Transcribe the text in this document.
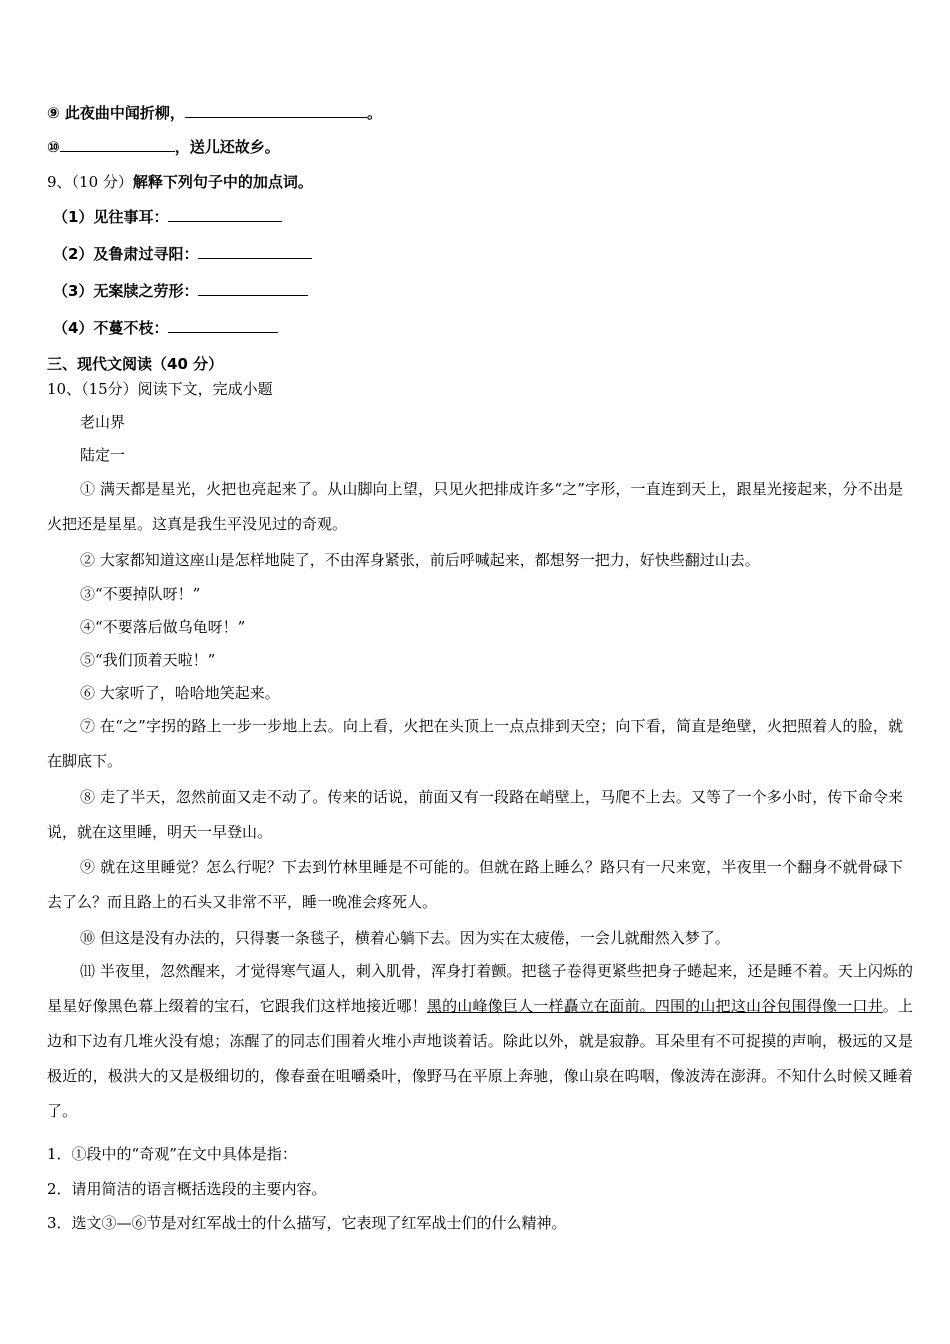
⑨ 此夜曲中闻折柳，	。
⑩	，送儿还故乡。
9、（10 分）解释下列句子中的加点词。
（1）见往事耳：
（2）及鲁肃过寻阳：
（3）无案牍之劳形：
（4）不蔓不枝：
三、现代文阅读（40 分）
10、（15分）阅读下文，完成小题
老山界
陆定一
① 满天都是星光，火把也亮起来了。从山脚向上望，只见火把排成许多“之”字形，一直连到天上，跟星光接起来，分不出是火把还是星星。这真是我生平没见过的奇观。
② 大家都知道这座山是怎样地陡了，不由浑身紧张，前后呼喊起来，都想努一把力，好快些翻过山去。
③“不要掉队呀！”
④“不要落后做乌龟呀！”
⑤“我们顶着天啦！”
⑥ 大家听了，哈哈地笑起来。
⑦ 在“之”字拐的路上一步一步地上去。向上看，火把在头顶上一点点排到天空；向下看，简直是绝壁，火把照着人的脸，就在脚底下。
⑧ 走了半天，忽然前面又走不动了。传来的话说，前面又有一段路在峭壁上，马爬不上去。又等了一个多小时，传下命令来说，就在这里睡，明天一早登山。
⑨ 就在这里睡觉？怎么行呢？下去到竹林里睡是不可能的。但就在路上睡么？路只有一尺来宽，半夜里一个翻身不就骨碌下去了么？而且路上的石头又非常不平，睡一晚准会疼死人。
⑩ 但这是没有办法的，只得裹一条毯子，横着心躺下去。因为实在太疲倦，一会儿就酣然入梦了。
⑾ 半夜里，忽然醒来，才觉得寒气逼人，刺入肌骨，浑身打着颤。把毯子卷得更紧些把身子蜷起来，还是睡不着。天上闪烁的星星好像黑色幕上缀着的宝石，它跟我们这样地接近哪！黑的山峰像巨人一样矗立在面前。四围的山把这山谷包围得像一口井。上边和下边有几堆火没有熄；冻醒了的同志们围着火堆小声地谈着话。除此以外，就是寂静。耳朵里有不可捉摸的声响，极远的又是极近的，极洪大的又是极细切的，像春蚕在咀嚼桑叶，像野马在平原上奔驰，像山泉在呜咽，像波涛在澎湃。不知什么时候又睡着了。
1．①段中的“奇观”在文中具体是指：
2．请用简洁的语言概括选段的主要内容。
3．选文③—⑥节是对红军战士的什么描写，它表现了红军战士们的什么精神。
